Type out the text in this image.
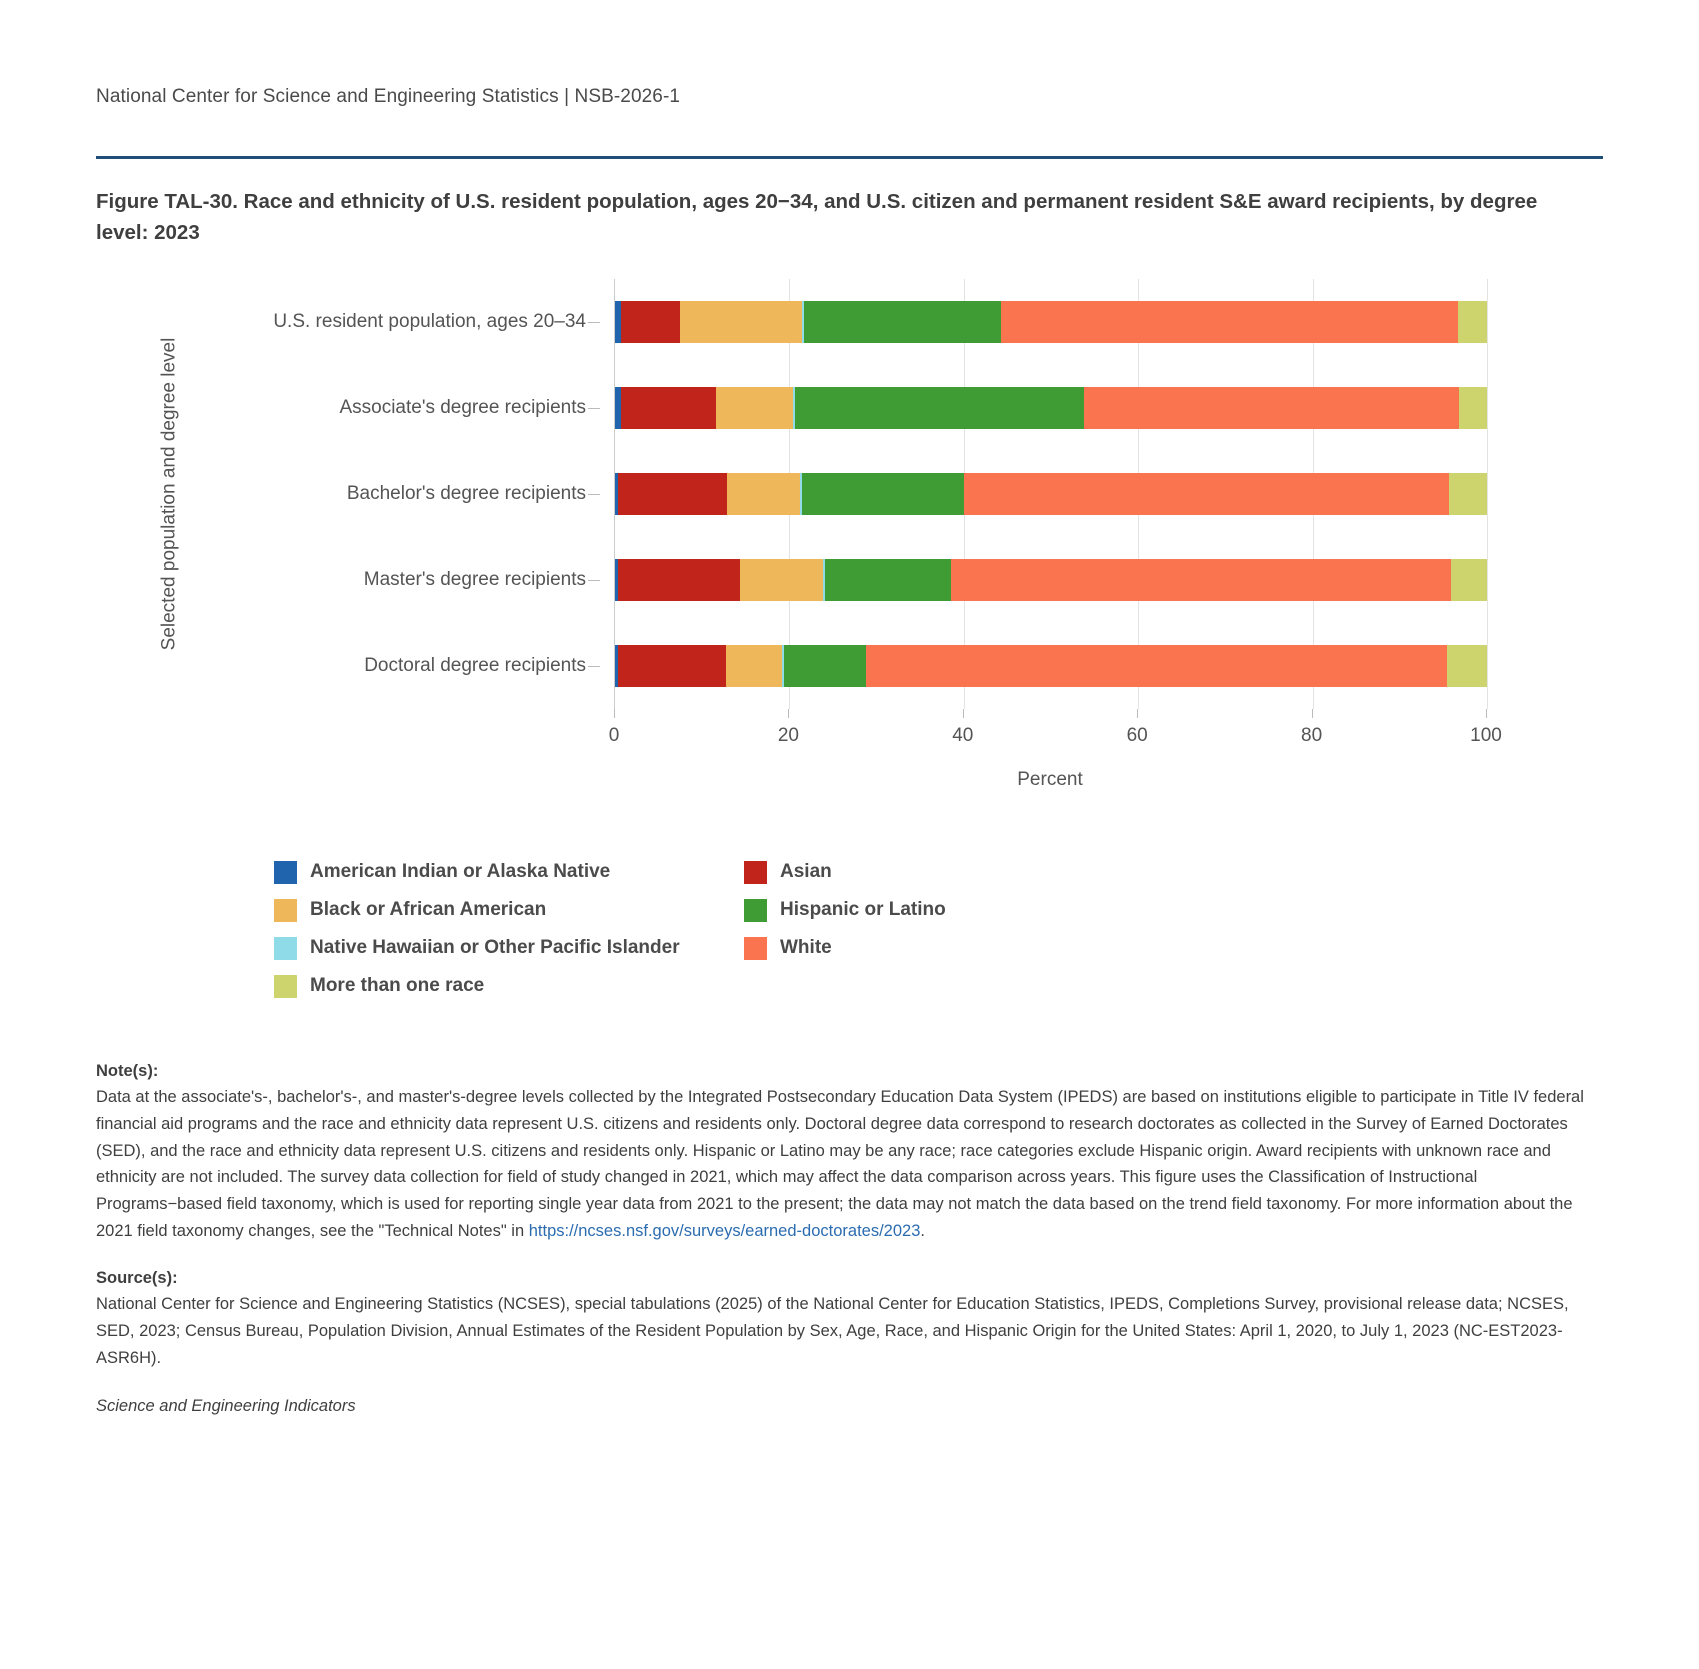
National Center for Science and Engineering Statistics | NSB-2026-1
Figure TAL-30. Race and ethnicity of U.S. resident population, ages 20−34, and U.S. citizen and permanent resident S&E award recipients, by degree level: 2023
Selected population and degree level
U.S. resident population, ages 20–34
Associate's degree recipients
Bachelor's degree recipients
Master's degree recipients
Doctoral degree recipients
Percent
0	20	40	60	80	100
American Indian or Alaska Native	Asian
Black or African American	Hispanic or Latino
Native Hawaiian or Other Pacific Islander	White
More than one race
Note(s):
Data at the associate's-, bachelor's-, and master's-degree levels collected by the Integrated Postsecondary Education Data System (IPEDS) are based on institutions eligible to participate in Title IV federal financial aid programs and the race and ethnicity data represent U.S. citizens and residents only. Doctoral degree data correspond to research doctorates as collected in the Survey of Earned Doctorates (SED), and the race and ethnicity data represent U.S. citizens and residents only. Hispanic or Latino may be any race; race categories exclude Hispanic origin. Award recipients with unknown race and ethnicity are not included. The survey data collection for field of study changed in 2021, which may affect the data comparison across years. This figure uses the Classification of Instructional Programs−based field taxonomy, which is used for reporting single year data from 2021 to the present; the data may not match the data based on the trend field taxonomy. For more information about the 2021 field taxonomy changes, see the "Technical Notes" in https://ncses.nsf.gov/surveys/earned-doctorates/2023.
Source(s):
National Center for Science and Engineering Statistics (NCSES), special tabulations (2025) of the National Center for Education Statistics, IPEDS, Completions Survey, provisional release data; NCSES, SED, 2023; Census Bureau, Population Division, Annual Estimates of the Resident Population by Sex, Age, Race, and Hispanic Origin for the United States: April 1, 2020, to July 1, 2023 (NC-EST2023-ASR6H).
Science and Engineering Indicators
